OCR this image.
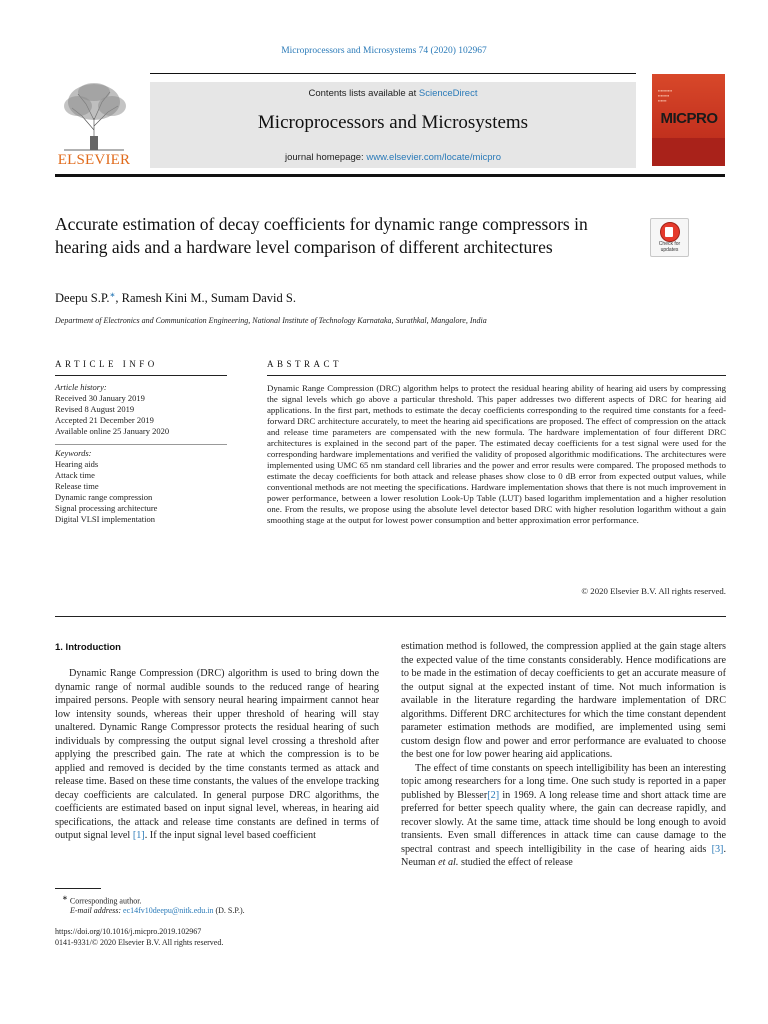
Microprocessors and Microsystems 74 (2020) 102967
ELSEVIER
Contents lists available at ScienceDirect
Microprocessors and Microsystems
journal homepage: www.elsevier.com/locate/micpro
▪▪▪▪▪▪▪▪▪▪
▪▪▪▪▪▪▪▪
▪▪▪▪▪▪
MICPRO
Accurate estimation of decay coefficients for dynamic range compressors in hearing aids and a hardware level comparison of different architectures	Check for updates
Deepu S.P.∗, Ramesh Kini M., Sumam David S.
Department of Electronics and Communication Engineering, National Institute of Technology Karnataka, Surathkal, Mangalore, India
ARTICLE INFO	ABSTRACT
Article history:
Received 30 January 2019
Revised 8 August 2019
Accepted 21 December 2019
Available online 25 January 2020
Keywords:
Hearing aids
Attack time
Release time
Dynamic range compression
Signal processing architecture
Digital VLSI implementation
Dynamic Range Compression (DRC) algorithm helps to protect the residual hearing ability of hearing aid users by compressing the signal levels which go above a particular threshold. This paper addresses two different aspects of DRC for hearing aid applications. In the first part, methods to estimate the decay coefficients corresponding to the required time constants for a feed-forward DRC architecture accurately, to meet the hearing aid specifications are proposed. The effect of compression on the attack and release time parameters are compensated with the new formula. The hardware implementation of four different DRC architectures is explained in the second part of the paper. The estimated decay coefficients for a test signal were used for the corresponding hardware implementations and verified the validity of proposed algorithmic modifications. The architectures were implemented using UMC 65 nm standard cell libraries and the power and error results were compared. The proposed methods to estimate the decay coefficients for both attack and release phases show close to 0 dB error from expected output values, while conventional methods are not meeting the specifications. Hardware implementation shows that there is not much improvement in power performance, between a lower resolution Look-Up Table (LUT) based logarithm implementation and a higher resolution one. From the results, we propose using the absolute level detector based DRC with higher resolution logarithm without a gain smoothing stage at the output for lowest power consumption and better approximation error performance.
© 2020 Elsevier B.V. All rights reserved.
1. Introduction

Dynamic Range Compression (DRC) algorithm is used to bring down the dynamic range of normal audible sounds to the reduced range of hearing impaired persons. People with sensory neural hearing impairment cannot hear low intensity sounds, whereas their upper threshold of hearing will stay unaltered. Dynamic Range Compressor protects the residual hearing of such individuals by compressing the output signal level crossing a threshold after applying the prescribed gain. The rate at which the compression is to be applied and removed is decided by the time constants termed as attack and release time. Based on these time constants, the values of the envelope tracking decay coefficients are calculated. In general purpose DRC algorithms, the coefficients are estimated based on input signal level, whereas, in hearing aid specifications, the attack and release time constants are defined in terms of output signal level [1]. If the input signal level based coefficient

estimation method is followed, the compression applied at the gain stage alters the expected value of the time constants considerably. Hence modifications are to be made in the estimation of decay coefficients to get an accurate measure of the output signal at the expected instant of time. Not much information is available in the literature regarding the hardware implementation of DRC algorithms. Different DRC architectures for which the time constant dependent parameter estimation methods are modified, are implemented using semi custom design flow and power and error performance are evaluated to choose the best one for low power hearing aid applications.

The effect of time constants on speech intelligibility has been an interesting topic among researchers for a long time. One such study is reported in a paper published by Blesser[2] in 1969. A long release time and short attack time are preferred for better speech quality where, the gain can decrease rapidly, and recover slowly. At the same time, attack time should be long enough to avoid transients. Even small differences in attack time can cause damage to the spectral contrast and speech intelligibility in the case of hearing aids [3]. Neuman et al. studied the effect of release

∗ Corresponding author.
E-mail address: ec14fv10deepu@nitk.edu.in (D. S.P.).
https://doi.org/10.1016/j.micpro.2019.102967
0141-9331/© 2020 Elsevier B.V. All rights reserved.
